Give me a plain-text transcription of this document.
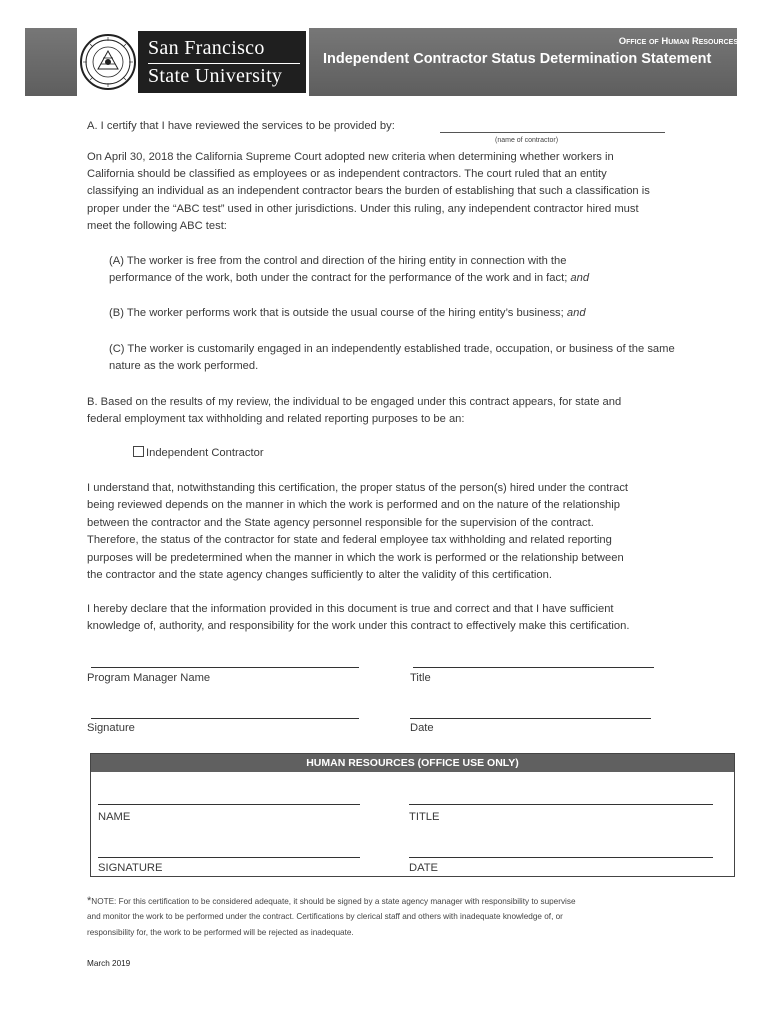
San Francisco
State University
Office of Human Resources
Independent Contractor Status Determination Statement
A. I certify that I have reviewed the services to be provided by:
(name of contractor)
On April 30, 2018 the California Supreme Court adopted new criteria when determining whether workers in
California should be classified as employees or as independent contractors. The court ruled that an entity
classifying an individual as an independent contractor bears the burden of establishing that such a classification is
proper under the “ABC test” used in other jurisdictions. Under this ruling, any independent contractor hired must
meet the following ABC test:
(A) The worker is free from the control and direction of the hiring entity in connection with the
performance of the work, both under the contract for the performance of the work and in fact; and
(B) The worker performs work that is outside the usual course of the hiring entity’s business; and
(C) The worker is customarily engaged in an independently established trade, occupation, or business of the same
nature as the work performed.
B. Based on the results of my review, the individual to be engaged under this contract appears, for state and
federal employment tax withholding and related reporting purposes to be an:
Independent Contractor
I understand that, notwithstanding this certification, the proper status of the person(s) hired under the contract
being reviewed depends on the manner in which the work is performed and on the nature of the relationship
between the contractor and the State agency personnel responsible for the supervision of the contract.
Therefore, the status of the contractor for state and federal employee tax withholding and related reporting
purposes will be predetermined when the manner in which the work is performed or the relationship between
the contractor and the state agency changes sufficiently to alter the validity of this certification.
I hereby declare that the information provided in this document is true and correct and that I have sufficient
knowledge of, authority, and responsibility for the work under this contract to effectively make this certification.
Program Manager Name	Title
Signature	Date
HUMAN RESOURCES (OFFICE USE ONLY)
NAME	TITLE
SIGNATURE	DATE
*NOTE: For this certification to be considered adequate, it should be signed by a state agency manager with responsibility to supervise
and monitor the work to be performed under the contract. Certifications by clerical staff and others with inadequate knowledge of, or
responsibility for, the work to be performed will be rejected as inadequate.
March 2019
